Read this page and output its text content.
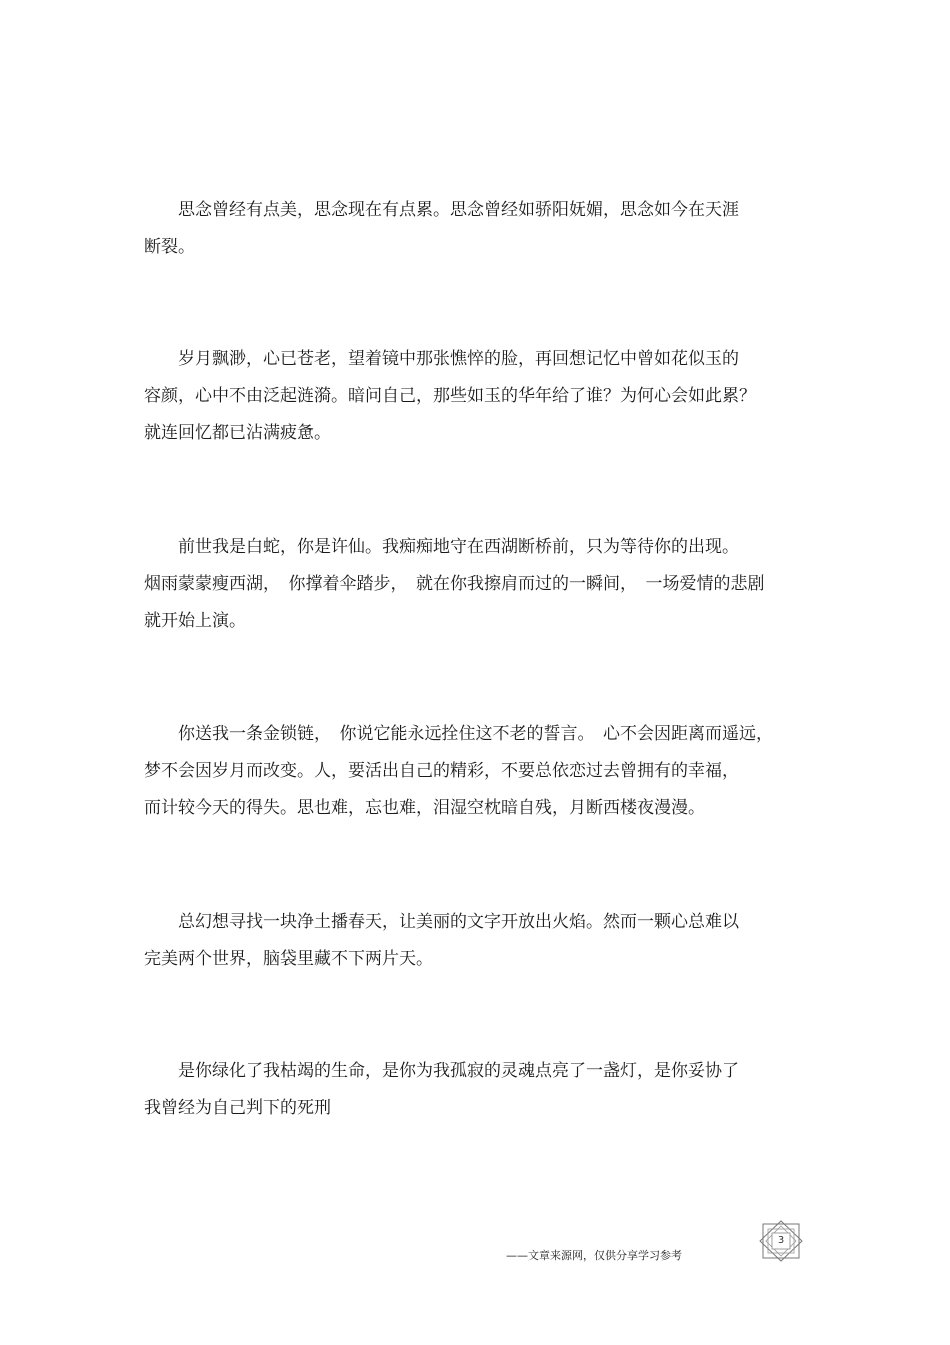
思念曾经有点美，思念现在有点累。思念曾经如骄阳妩媚，思念如今在天涯
断裂。
岁月飘渺，心已苍老，望着镜中那张憔悴的脸，再回想记忆中曾如花似玉的
容颜，心中不由泛起涟漪。暗问自己，那些如玉的华年给了谁？为何心会如此累？
就连回忆都已沾满疲惫。
前世我是白蛇，你是许仙。我痴痴地守在西湖断桥前，只为等待你的出现。
烟雨蒙蒙瘦西湖，　你撑着伞踏步，　就在你我擦肩而过的一瞬间，　一场爱情的悲剧
就开始上演。
你送我一条金锁链，　你说它能永远拴住这不老的誓言。　心不会因距离而遥远，
梦不会因岁月而改变。人，要活出自己的精彩，不要总依恋过去曾拥有的幸福，
而计较今天的得失。思也难，忘也难，泪湿空枕暗自残，月断西楼夜漫漫。
总幻想寻找一块净土播春天，让美丽的文字开放出火焰。然而一颗心总难以
完美两个世界，脑袋里藏不下两片天。
是你绿化了我枯竭的生命，是你为我孤寂的灵魂点亮了一盏灯，是你妥协了
我曾经为自己判下的死刑
3
——文章来源网，仅供分享学习参考
